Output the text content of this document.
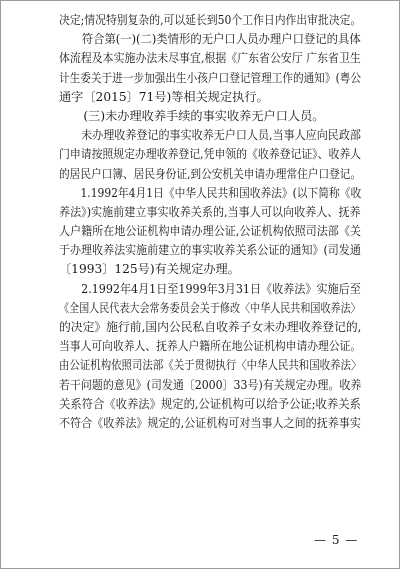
决定;情况特别复杂的,可以延长到50个工作日内作出审批决定。
　　符合第(一)(二)类情形的无户口人员办理户口登记的具体
体流程及本实施办法未尽事宜,根据《广东省公安厅 广东省卫生
计生委关于进一步加强出生小孩户口登记管理工作的通知》(粤公
通字〔2015〕71号)等相关规定执行。
　　(三)未办理收养手续的事实收养无户口人员。
　　未办理收养登记的事实收养无户口人员,当事人应向民政部
门申请按照规定办理收养登记,凭申领的《收养登记证》、收养人
的居民户口簿、居民身份证,到公安机关申请办理常住户口登记。
　　1.1992年4月1日《中华人民共和国收养法》(以下简称《收
养法》)实施前建立事实收养关系的,当事人可以向收养人、抚养
人户籍所在地公证机构申请办理公证,公证机构依照司法部《关
于办理收养法实施前建立的事实收养关系公证的通知》(司发通
〔1993〕125号)有关规定办理。
　　2.1992年4月1日至1999年3月31日《收养法》实施后至
《全国人民代表大会常务委员会关于修改〈中华人民共和国收养法〉
的决定》施行前,国内公民私自收养子女未办理收养登记的,
当事人可向收养人、抚养人户籍所在地公证机构申请办理公证。
由公证机构依照司法部《关于贯彻执行〈中华人民共和国收养法〉
若干问题的意见》(司发通〔2000〕33号)有关规定办理。收养
关系符合《收养法》规定的,公证机构可以给予公证;收养关系
不符合《收养法》规定的,公证机构可对当事人之间的抚养事实
— 5 —
